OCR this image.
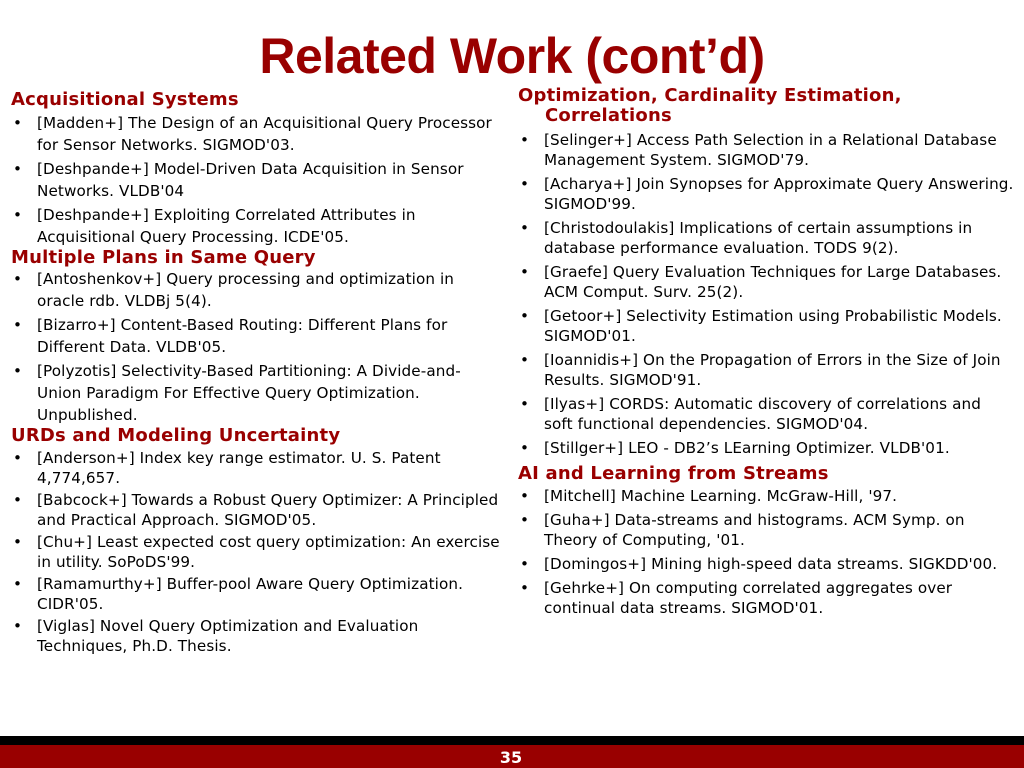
Related Work (cont’d)
Acquisitional Systems
• [Madden+] The Design of an Acquisitional Query Processor for Sensor Networks. SIGMOD'03.
• [Deshpande+] Model-Driven Data Acquisition in Sensor Networks. VLDB'04
• [Deshpande+] Exploiting Correlated Attributes in Acquisitional Query Processing. ICDE'05.
Multiple Plans in Same Query
• [Antoshenkov+] Query processing and optimization in oracle rdb. VLDBj 5(4).
• [Bizarro+] Content-Based Routing: Different Plans for Different Data. VLDB'05.
• [Polyzotis] Selectivity-Based Partitioning: A Divide-and-Union Paradigm For Effective Query Optimization. Unpublished.
URDs and Modeling Uncertainty
• [Anderson+] Index key range estimator. U. S. Patent 4,774,657.
• [Babcock+] Towards a Robust Query Optimizer: A Principled and Practical Approach. SIGMOD'05.
• [Chu+] Least expected cost query optimization: An exercise in utility. SoPoDS'99.
• [Ramamurthy+] Buffer-pool Aware Query Optimization. CIDR'05.
• [Viglas] Novel Query Optimization and Evaluation Techniques, Ph.D. Thesis.
Optimization, Cardinality Estimation, Correlations
• [Selinger+] Access Path Selection in a Relational Database Management System. SIGMOD'79.
• [Acharya+] Join Synopses for Approximate Query Answering. SIGMOD'99.
• [Christodoulakis] Implications of certain assumptions in database performance evaluation. TODS 9(2).
• [Graefe] Query Evaluation Techniques for Large Databases. ACM Comput. Surv. 25(2).
• [Getoor+] Selectivity Estimation using Probabilistic Models. SIGMOD'01.
• [Ioannidis+] On the Propagation of Errors in the Size of Join Results. SIGMOD'91.
• [Ilyas+] CORDS: Automatic discovery of correlations and soft functional dependencies. SIGMOD'04.
• [Stillger+] LEO - DB2’s LEarning Optimizer. VLDB'01.
AI and Learning from Streams
• [Mitchell] Machine Learning. McGraw-Hill, '97.
• [Guha+] Data-streams and histograms. ACM Symp. on Theory of Computing, '01.
• [Domingos+] Mining high-speed data streams. SIGKDD'00.
• [Gehrke+] On computing correlated aggregates over continual data streams. SIGMOD'01.
35
